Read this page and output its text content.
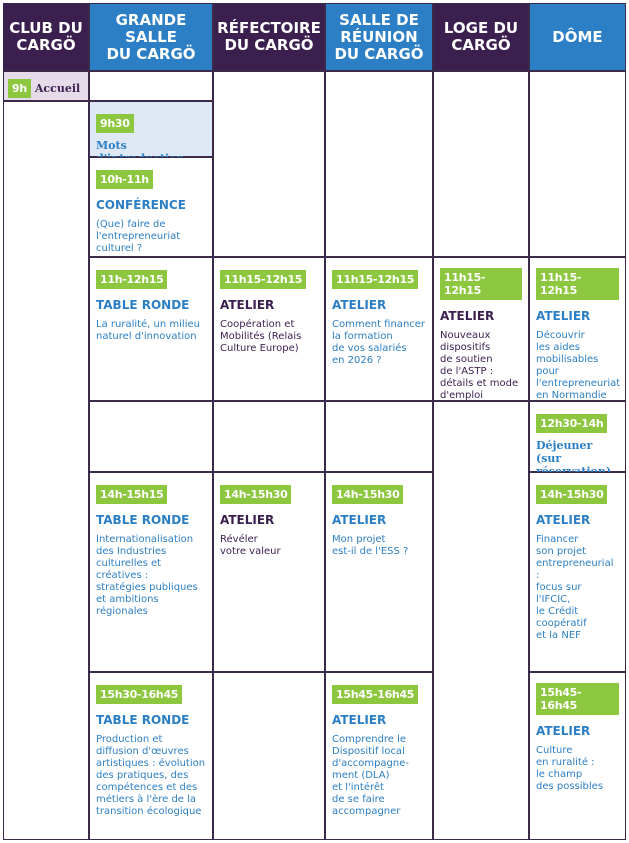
CLUB DU
CARGÖ
GRANDE
SALLE
DU CARGÖ
RÉFECTOIRE
DU CARGÖ
SALLE DE
RÉUNION
DU CARGÖ
LOGE DU
CARGÖ	DÔME
9h Accueil
9h30
Mots
10h-11h
CONFÉRENCE
(Que) faire de
l'entrepreneuriat
culturel ?
11h-12h15
TABLE RONDE
La ruralité, un milieu
naturel d'innovation
14h-15h15
TABLE RONDE
Internationalisation
des Industries
culturelles et créatives :
stratégies publiques
et ambitions
régionales
15h30-16h45
TABLE RONDE
Production et
diffusion d'œuvres
artistiques : évolution
des pratiques, des
compétences et des
métiers à l'ère de la
transition écologique
11h15-12h15
ATELIER
Coopération et
Mobilités (Relais
Culture Europe)
14h-15h30
ATELIER
Révéler
votre valeur
11h15-12h15
ATELIER
Comment financer
la formation
de vos salariés
en 2026 ?
14h-15h30
ATELIER
Mon projet
est-il de l'ESS ?
15h45-16h45
ATELIER
Comprendre le
Dispositif local
d'accompagne-
ment (DLA)
et l'intérêt
de se faire
accompagner
11h15-12h15
ATELIER
Nouveaux
dispositifs
de soutien
de l'ASTP :
détails et mode
d'emploi
11h15-12h15
ATELIER
Découvrir
les aides
mobilisables
pour
l'entrepreneuriat
en Normandie
12h30-14h
Déjeuner
(sur
14h-15h30
ATELIER
Financer
son projet
entrepreneurial :
focus sur l'IFCIC,
le Crédit
coopératif
et la NEF
15h45-16h45
ATELIER
Culture
en ruralité :
le champ
des possibles
